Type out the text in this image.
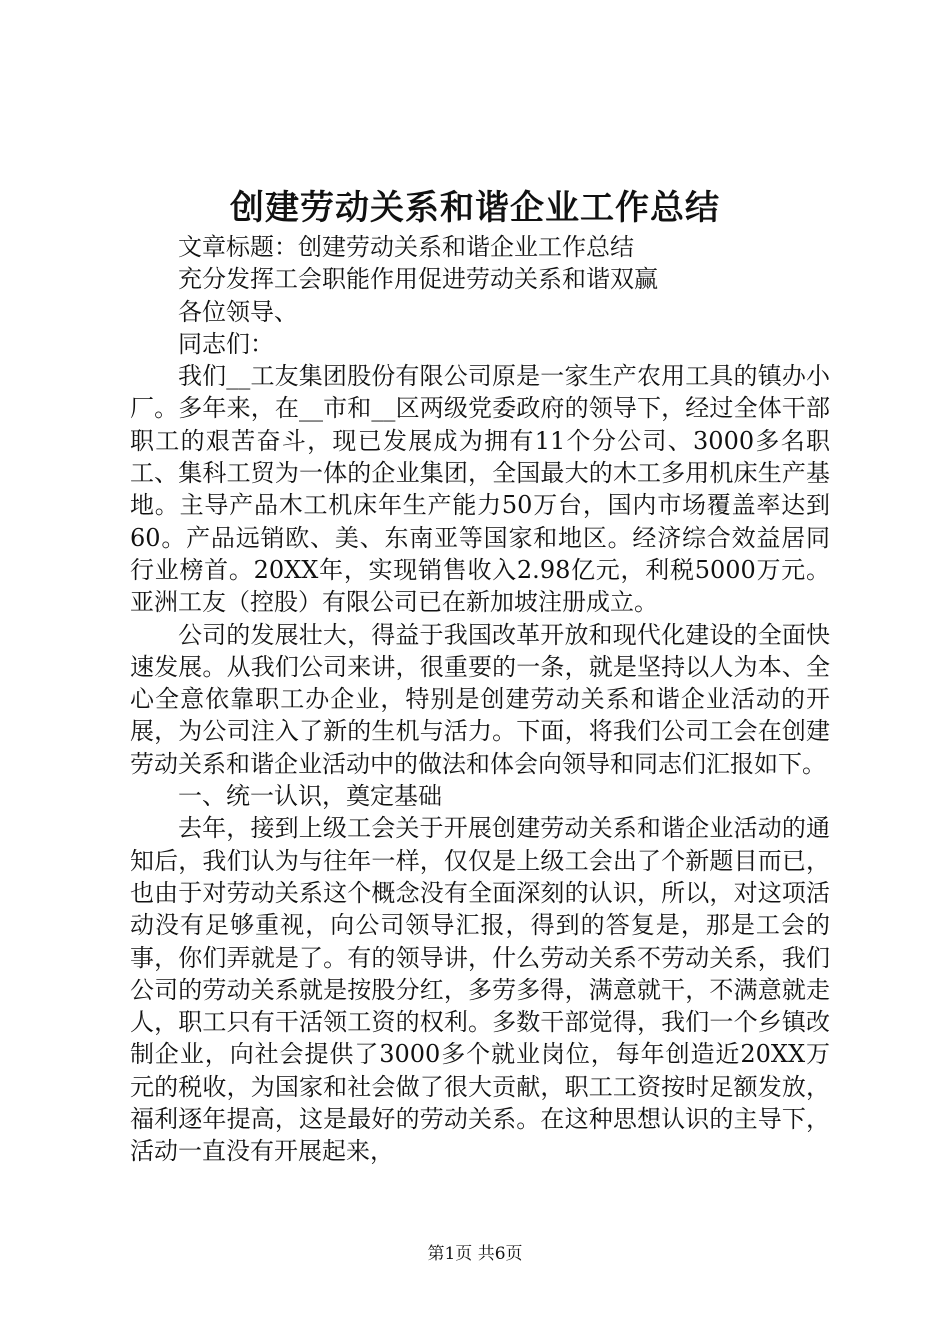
创建劳动关系和谐企业工作总结

文章标题：创建劳动关系和谐企业工作总结

充分发挥工会职能作用促进劳动关系和谐双赢

各位领导、

同志们：

我们__工友集团股份有限公司原是一家生产农用工具的镇办小厂。多年来，在__市和__区两级党委政府的领导下，经过全体干部职工的艰苦奋斗，现已发展成为拥有11个分公司、3000多名职工、集科工贸为一体的企业集团，全国最大的木工多用机床生产基地。主导产品木工机床年生产能力50万台，国内市场覆盖率达到60。产品远销欧、美、东南亚等国家和地区。经济综合效益居同行业榜首。20XX年，实现销售收入2.98亿元，利税5000万元。亚洲工友（控股）有限公司已在新加坡注册成立。

公司的发展壮大，得益于我国改革开放和现代化建设的全面快速发展。从我们公司来讲，很重要的一条，就是坚持以人为本、全心全意依靠职工办企业，特别是创建劳动关系和谐企业活动的开展，为公司注入了新的生机与活力。下面，将我们公司工会在创建劳动关系和谐企业活动中的做法和体会向领导和同志们汇报如下。

一、统一认识，奠定基础

去年，接到上级工会关于开展创建劳动关系和谐企业活动的通知后，我们认为与往年一样，仅仅是上级工会出了个新题目而已，也由于对劳动关系这个概念没有全面深刻的认识，所以，对这项活动没有足够重视，向公司领导汇报，得到的答复是，那是工会的事，你们弄就是了。有的领导讲，什么劳动关系不劳动关系，我们公司的劳动关系就是按股分红，多劳多得，满意就干，不满意就走人，职工只有干活领工资的权利。多数干部觉得，我们一个乡镇改制企业，向社会提供了3000多个就业岗位，每年创造近20XX万元的税收，为国家和社会做了很大贡献，职工工资按时足额发放，福利逐年提高，这是最好的劳动关系。在这种思想认识的主导下，活动一直没有开展起来，

第1页 共6页
